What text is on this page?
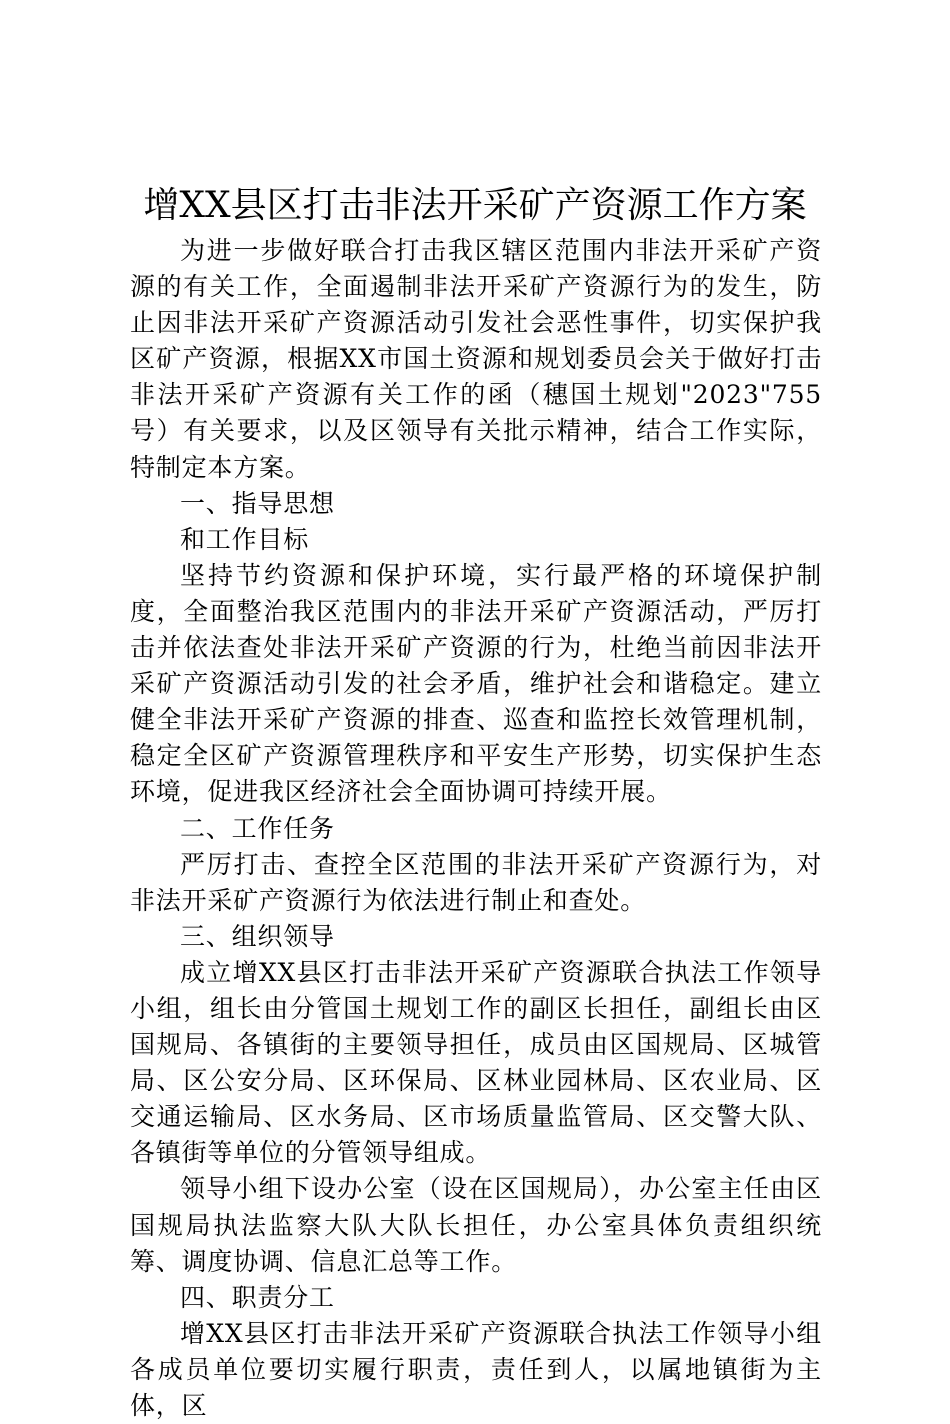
增XX县区打击非法开采矿产资源工作方案

为进一步做好联合打击我区辖区范围内非法开采矿产资源的有关工作，全面遏制非法开采矿产资源行为的发生，防止因非法开采矿产资源活动引发社会恶性事件，切实保护我区矿产资源，根据XX市国土资源和规划委员会关于做好打击非法开采矿产资源有关工作的函（穗国土规划"2023"755号）有关要求，以及区领导有关批示精神，结合工作实际，特制定本方案。

一、指导思想

和工作目标

坚持节约资源和保护环境，实行最严格的环境保护制度，全面整治我区范围内的非法开采矿产资源活动，严厉打击并依法查处非法开采矿产资源的行为，杜绝当前因非法开采矿产资源活动引发的社会矛盾，维护社会和谐稳定。建立健全非法开采矿产资源的排查、巡查和监控长效管理机制，稳定全区矿产资源管理秩序和平安生产形势，切实保护生态环境，促进我区经济社会全面协调可持续开展。

二、工作任务

严厉打击、查控全区范围的非法开采矿产资源行为，对非法开采矿产资源行为依法进行制止和查处。

三、组织领导

成立增XX县区打击非法开采矿产资源联合执法工作领导小组，组长由分管国土规划工作的副区长担任，副组长由区国规局、各镇街的主要领导担任，成员由区国规局、区城管局、区公安分局、区环保局、区林业园林局、区农业局、区交通运输局、区水务局、区市场质量监管局、区交警大队、各镇街等单位的分管领导组成。

领导小组下设办公室（设在区国规局），办公室主任由区国规局执法监察大队大队长担任，办公室具体负责组织统筹、调度协调、信息汇总等工作。

四、职责分工

增XX县区打击非法开采矿产资源联合执法工作领导小组各成员单位要切实履行职责，责任到人，以属地镇街为主体，区
